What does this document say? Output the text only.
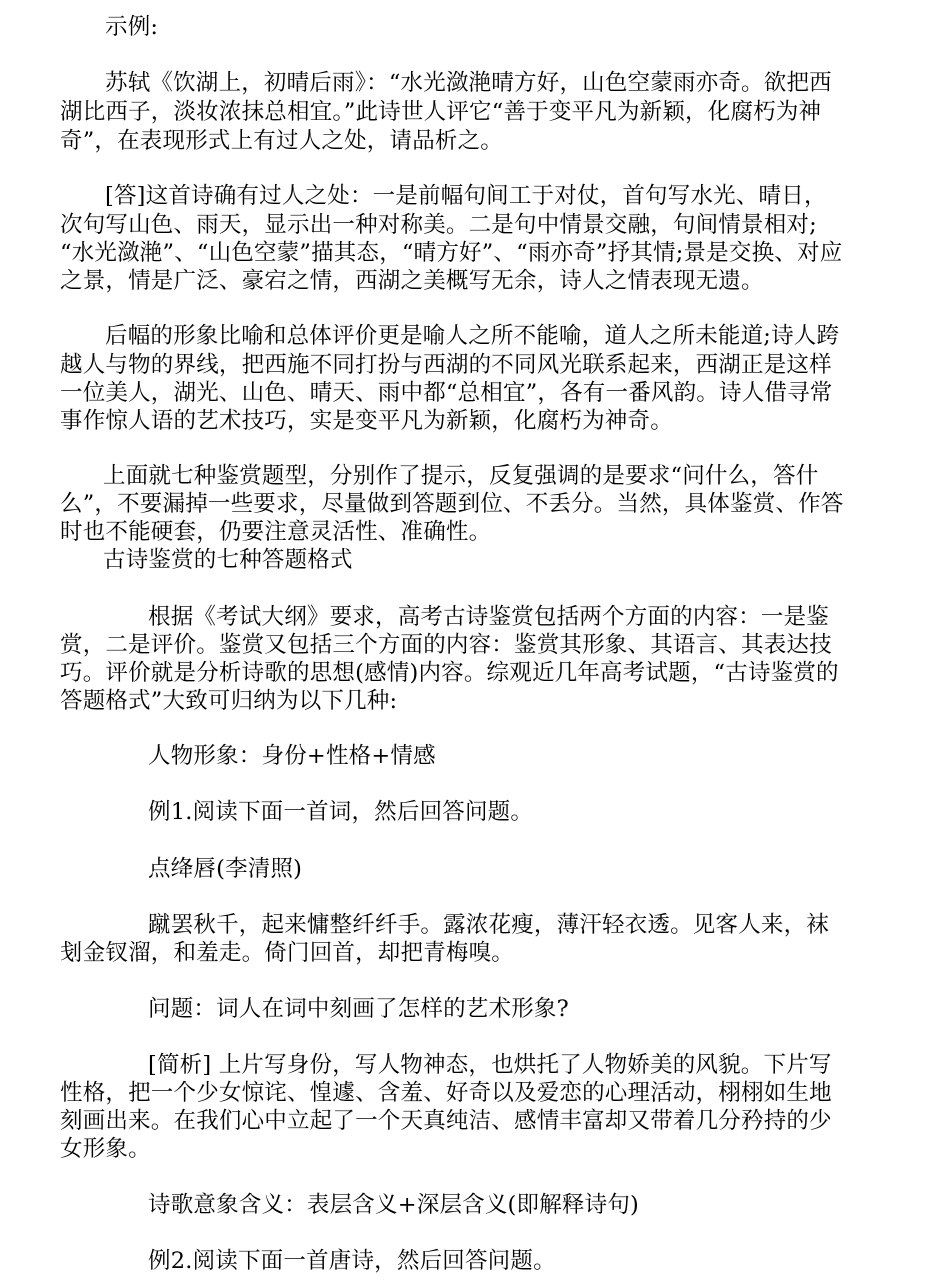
示例:
苏轼《饮湖上，初晴后雨》：“水光潋滟晴方好，山色空蒙雨亦奇。欲把西
湖比西子，淡妆浓抹总相宜。”此诗世人评它“善于变平凡为新颖，化腐朽为神
奇”，在表现形式上有过人之处，请品析之。
[答]这首诗确有过人之处：一是前幅句间工于对仗，首句写水光、晴日，
次句写山色、雨天，显示出一种对称美。二是句中情景交融，句间情景相对;
“水光潋滟”、“山色空蒙”描其态，“晴方好”、“雨亦奇”抒其情;景是交换、对应
之景，情是广泛、豪宕之情，西湖之美概写无余，诗人之情表现无遗。
后幅的形象比喻和总体评价更是喻人之所不能喻，道人之所未能道;诗人跨
越人与物的界线，把西施不同打扮与西湖的不同风光联系起来，西湖正是这样
一位美人，湖光、山色、晴天、雨中都“总相宜”，各有一番风韵。诗人借寻常
事作惊人语的艺术技巧，实是变平凡为新颖，化腐朽为神奇。
上面就七种鉴赏题型，分别作了提示，反复强调的是要求“问什么，答什
么”，不要漏掉一些要求，尽量做到答题到位、不丢分。当然，具体鉴赏、作答
时也不能硬套，仍要注意灵活性、准确性。
古诗鉴赏的七种答题格式
根据《考试大纲》要求，高考古诗鉴赏包括两个方面的内容：一是鉴
赏，二是评价。鉴赏又包括三个方面的内容：鉴赏其形象、其语言、其表达技
巧。评价就是分析诗歌的思想(感情)内容。综观近几年高考试题，“古诗鉴赏的
答题格式”大致可归纳为以下几种:
人物形象：身份+性格+情感
例1.阅读下面一首词，然后回答问题。
点绛唇(李清照)
蹴罢秋千，起来慵整纤纤手。露浓花瘦，薄汗轻衣透。见客人来，袜
刬金钗溜，和羞走。倚门回首，却把青梅嗅。
问题：词人在词中刻画了怎样的艺术形象?
[简析] 上片写身份，写人物神态，也烘托了人物娇美的风貌。下片写
性格，把一个少女惊诧、惶遽、含羞、好奇以及爱恋的心理活动，栩栩如生地
刻画出来。在我们心中立起了一个天真纯洁、感情丰富却又带着几分矜持的少
女形象。
诗歌意象含义：表层含义+深层含义(即解释诗句)
例2.阅读下面一首唐诗，然后回答问题。
